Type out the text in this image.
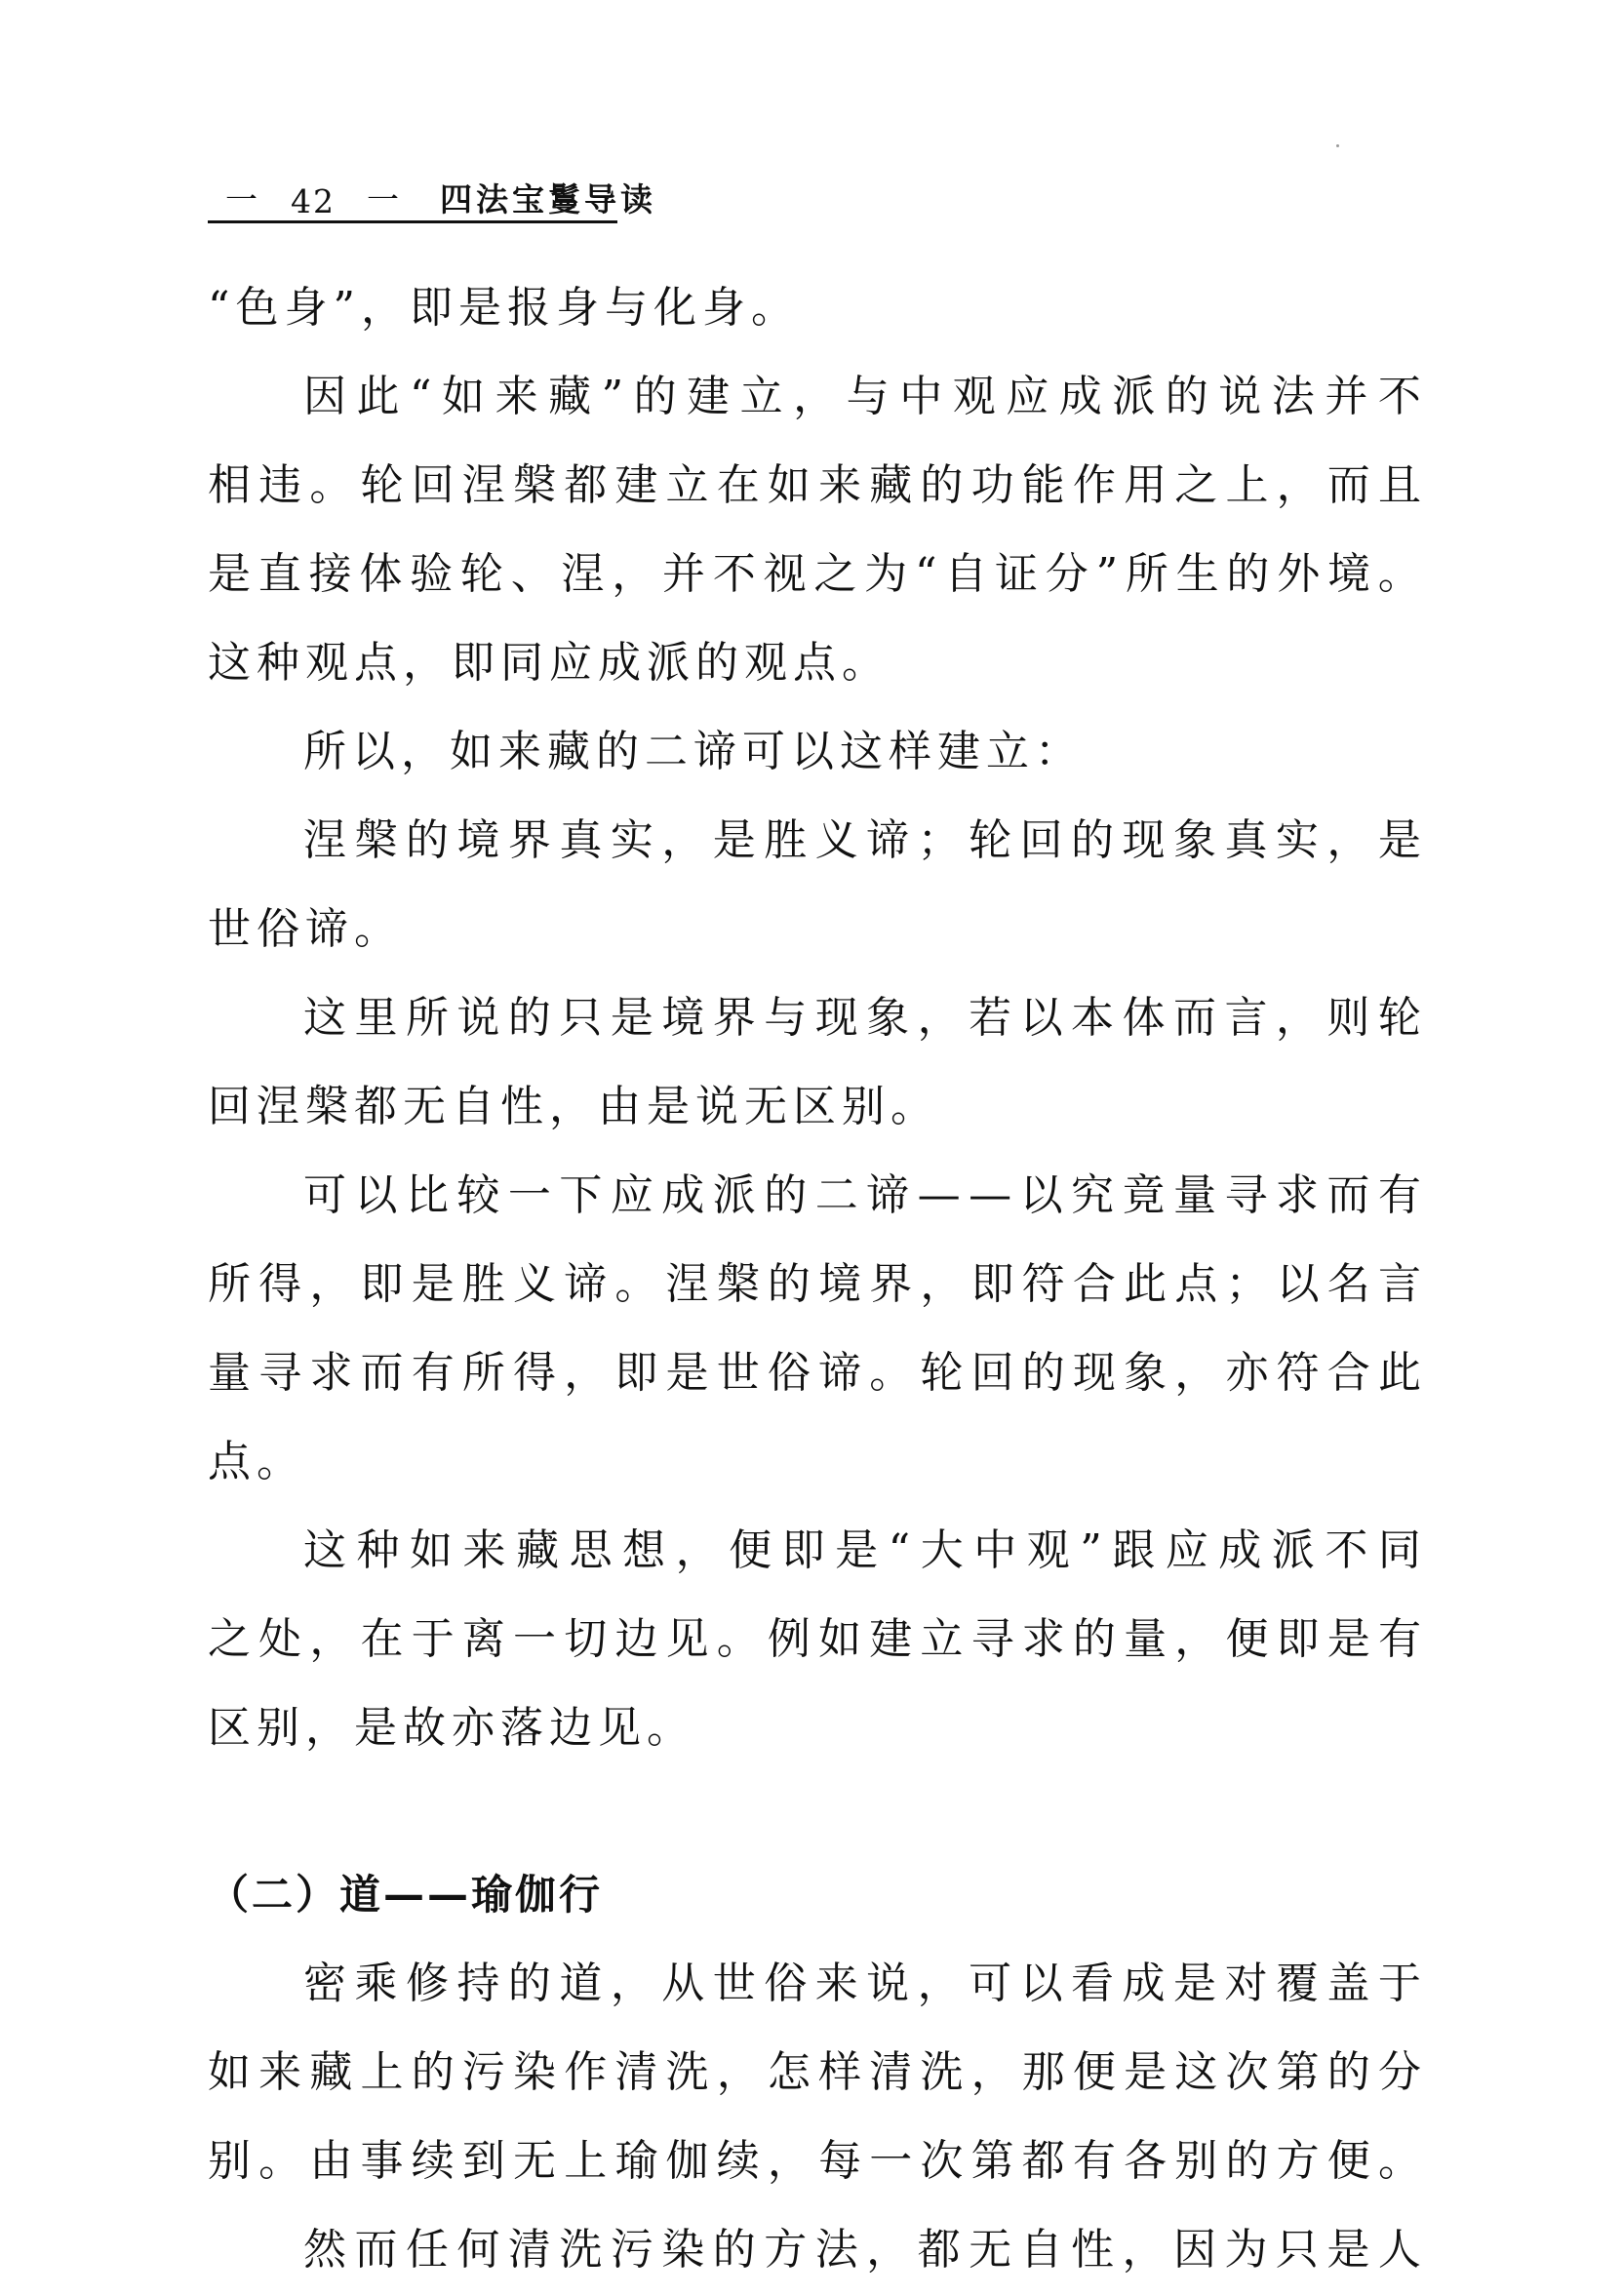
一 42 一 四法宝鬘导读
“色身”，即是报身与化身。
因 此 “ 如 来 藏 ” 的 建 立 ， 与 中 观 应 成 派 的 说 法 并 不
相 违 。 轮 回 涅 槃 都 建 立 在 如 来 藏 的 功 能 作 用 之 上 ， 而 且
是 直 接 体 验 轮 、 涅 ， 并 不 视 之 为 “ 自 证 分 ” 所 生 的 外 境 。
这种观点，即同应成派的观点。
所以，如来藏的二谛可以这样建立：
涅 槃 的 境 界 真 实 ， 是 胜 义 谛 ； 轮 回 的 现 象 真 实 ， 是
世俗谛。
这 里 所 说 的 只 是 境 界 与 现 象 ， 若 以 本 体 而 言 ， 则 轮
回涅槃都无自性，由是说无区别。
可 以 比 较 一 下 应 成 派 的 二 谛 — — 以 究 竟 量 寻 求 而 有
所 得 ， 即 是 胜 义 谛 。 涅 槃 的 境 界 ， 即 符 合 此 点 ； 以 名 言
量 寻 求 而 有 所 得 ， 即 是 世 俗 谛 。 轮 回 的 现 象 ， 亦 符 合 此
点。
这 种 如 来 藏 思 想 ， 便 即 是 “ 大 中 观 ” 跟 应 成 派 不 同
之 处 ， 在 于 离 一 切 边 见 。 例 如 建 立 寻 求 的 量 ， 便 即 是 有
区别，是故亦落边见。
（二）道——瑜伽行
密 乘 修 持 的 道 ， 从 世 俗 来 说 ， 可 以 看 成 是 对 覆 盖 于
如 来 藏 上 的 污 染 作 清 洗 ， 怎 样 清 洗 ， 那 便 是 这 次 第 的 分
别 。 由 事 续 到 无 上 瑜 伽 续 ， 每 一 次 第 都 有 各 别 的 方 便 。
然 而 任 何 清 洗 污 染 的 方 法 ， 都 无 自 性 ， 因 为 只 是 人
